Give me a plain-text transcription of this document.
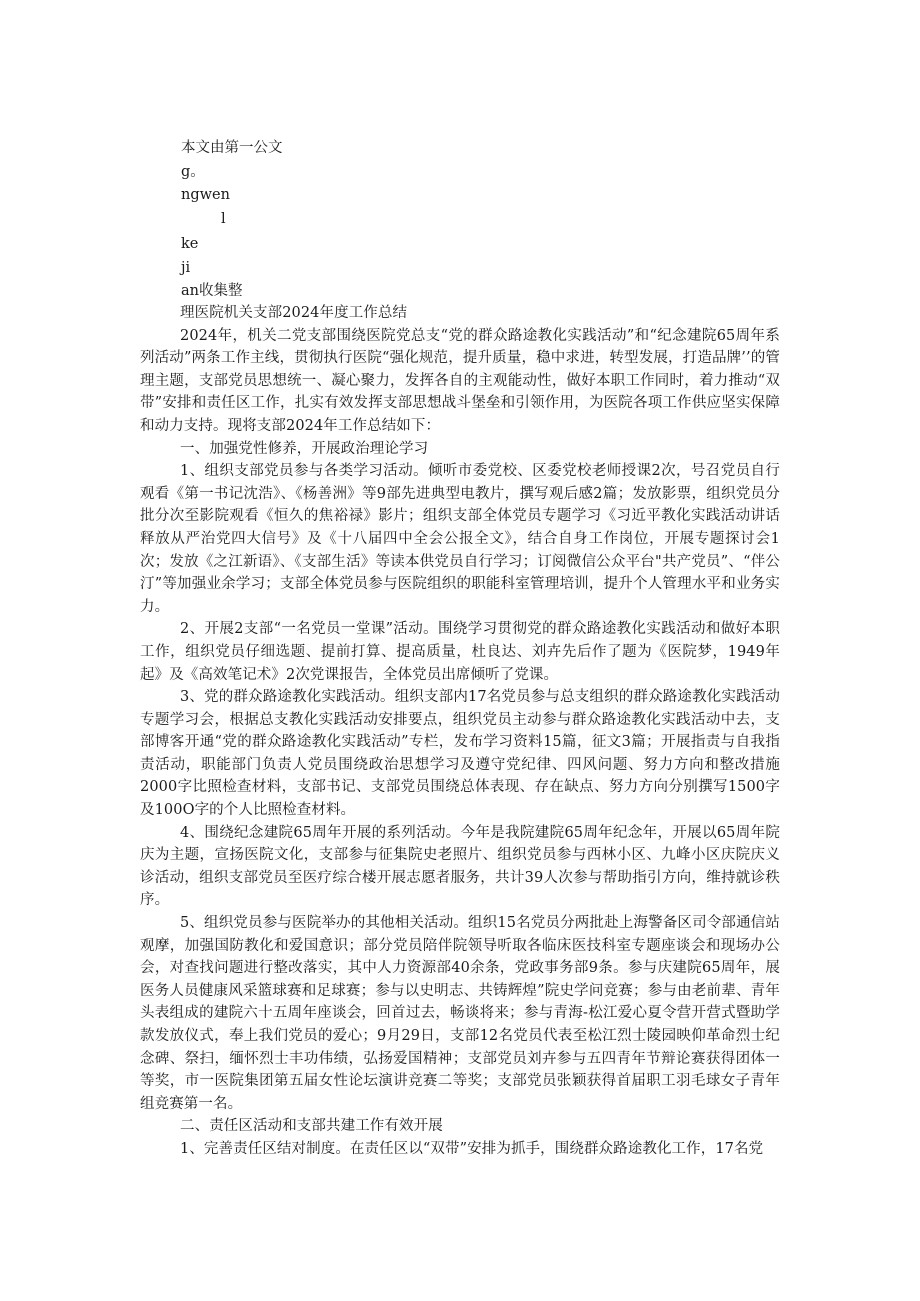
本文由第一公文
g。
ngwen
l
ke
ji
an收集整
理医院机关支部2024年度工作总结

2024年，机关二党支部围绕医院党总支“党的群众路途教化实践活动”和“纪念建院65周年系列活动”两条工作主线，贯彻执行医院“强化规范，提升质量，稳中求进，转型发展，打造品牌’’的管理主题，支部党员思想统一、凝心聚力，发挥各自的主观能动性，做好本职工作同时，着力推动“双带”安排和责任区工作，扎实有效发挥支部思想战斗堡垒和引领作用，为医院各项工作供应坚实保障和动力支持。现将支部2024年工作总结如下：

一、加强党性修养，开展政治理论学习

1、组织支部党员参与各类学习活动。倾听市委党校、区委党校老师授课2次，号召党员自行观看《第一书记沈浩》、《杨善洲》等9部先进典型电教片，撰写观后感2篇；发放影票，组织党员分批分次至影院观看《恒久的焦裕禄》影片；组织支部全体党员专题学习《习近平教化实践活动讲话释放从严治党四大信号》及《十八届四中全会公报全文》，结合自身工作岗位，开展专题探讨会1次；发放《之江新语》、《支部生活》等读本供党员自行学习；订阅微信公众平台"共产党员”、“伴公汀”等加强业余学习；支部全体党员参与医院组织的职能科室管理培训，提升个人管理水平和业务实力。

2、开展2支部“一名党员一堂课”活动。围绕学习贯彻党的群众路途教化实践活动和做好本职工作，组织党员仔细选题、提前打算、提高质量，杜良达、刘卉先后作了题为《医院梦，1949年起》及《高效笔记术》2次党课报告，全体党员出席倾听了党课。

3、党的群众路途教化实践活动。组织支部内17名党员参与总支组织的群众路途教化实践活动专题学习会，根据总支教化实践活动安排要点，组织党员主动参与群众路途教化实践活动中去，支部博客开通“党的群众路途教化实践活动”专栏，发布学习资料15篇，征文3篇；开展指责与自我指责活动，职能部门负责人党员围绕政治思想学习及遵守党纪律、四风问题、努力方向和整改措施2000字比照检查材料，支部书记、支部党员围绕总体表现、存在缺点、努力方向分别撰写1500字及100O字的个人比照检查材料。

4、围绕纪念建院65周年开展的系列活动。今年是我院建院65周年纪念年，开展以65周年院庆为主题，宣扬医院文化，支部参与征集院史老照片、组织党员参与西林小区、九峰小区庆院庆义诊活动，组织支部党员至医疗综合楼开展志愿者服务，共计39人次参与帮助指引方向，维持就诊秩序。

5、组织党员参与医院举办的其他相关活动。组织15名党员分两批赴上海警备区司令部通信站观摩，加强国防教化和爱国意识；部分党员陪伴院领导听取各临床医技科室专题座谈会和现场办公会，对查找问题进行整改落实，其中人力资源部40余条，党政事务部9条。参与庆建院65周年，展医务人员健康风采篮球赛和足球赛；参与以史明志、共铸辉煌”院史学问竞赛；参与由老前辈、青年头表组成的建院六十五周年座谈会，回首过去，畅谈将来；参与青海-松江爱心夏令营开营式暨助学款发放仪式，奉上我们党员的爱心；9月29日，支部12名党员代表至松江烈士陵园映仰革命烈士纪念碑、祭扫，缅怀烈士丰功伟绩，弘扬爱国精神；支部党员刘卉参与五四青年节辩论赛获得团体一等奖，市一医院集团第五届女性论坛演讲竞赛二等奖；支部党员张颖获得首届职工羽毛球女子青年组竞赛第一名。

二、责任区活动和支部共建工作有效开展

1、完善责任区结对制度。在责任区以“双带”安排为抓手，围绕群众路途教化工作，17名党
